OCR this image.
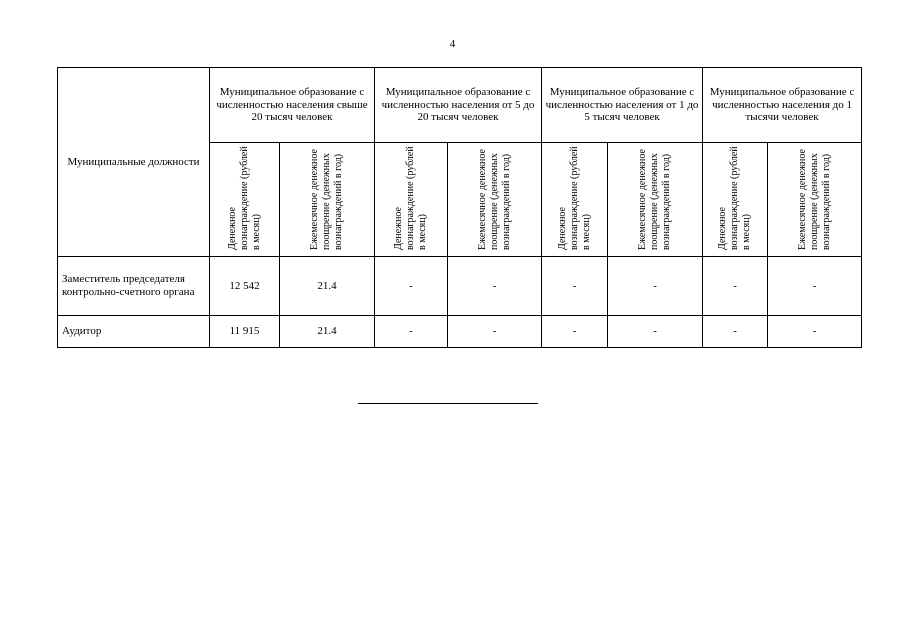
4
Муниципальные должности	Муниципальное образование с численностью населения свыше 20 тысяч человек		Муниципальное образование с численностью населения от 5 до 20 тысяч человек		Муниципальное образование с численностью населения от 1 до 5 тысяч человек		Муниципальное образование с численностью населения до 1 тысячи человек	
	Денежное вознаграждение (рублей в месяц)	Ежемесячное денежное поощрение (денежных вознаграждений в год)	Денежное вознаграждение (рублей в месяц)	Ежемесячное денежное поощрение (денежных вознаграждений в год)	Денежное вознаграждение (рублей в месяц)	Ежемесячное денежное поощрение (денежных вознаграждений в год)	Денежное вознаграждение (рублей в месяц)	Ежемесячное денежное поощрение (денежных вознаграждений в год)
Заместитель председателя контрольно-счетного органа	12 542	21.4	-	-	-	-	-	-
Аудитор	11 915	21.4	-	-	-	-	-	-
